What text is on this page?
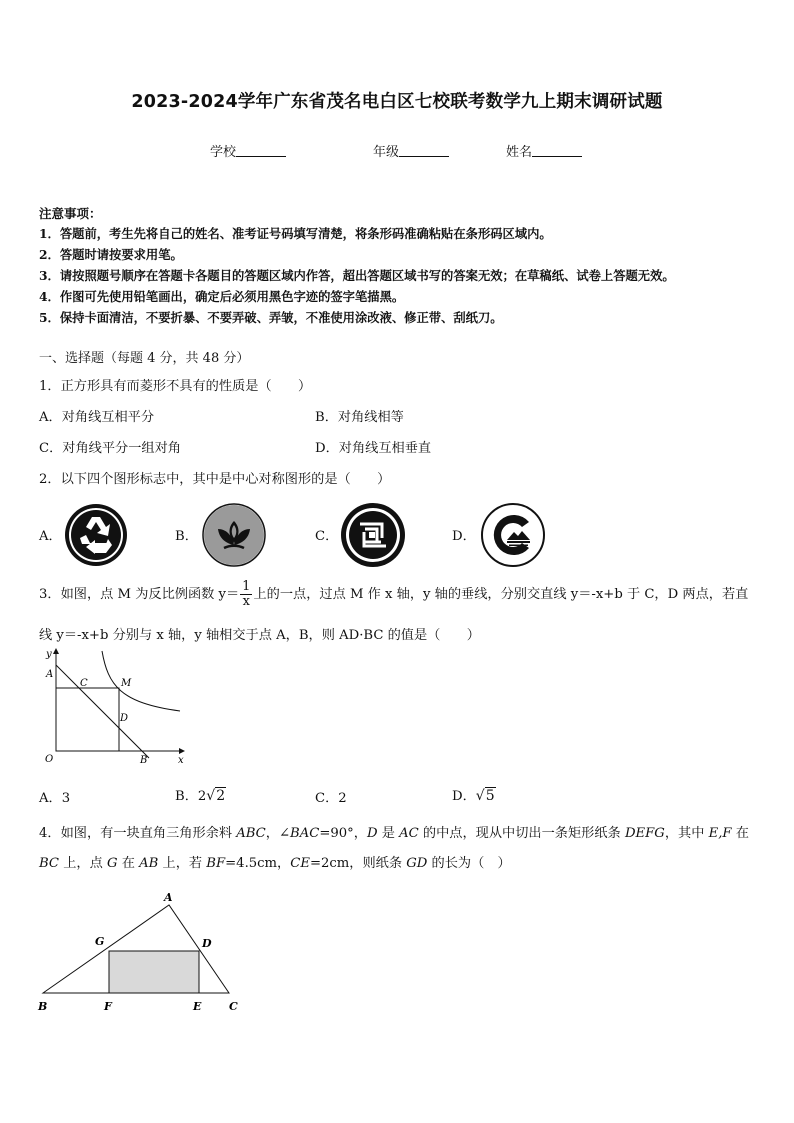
2023-2024学年广东省茂名电白区七校联考数学九上期末调研试题
学校	年级	姓名
注意事项：
1．答题前，考生先将自己的姓名、准考证号码填写清楚，将条形码准确粘贴在条形码区域内。
2．答题时请按要求用笔。
3．请按照题号顺序在答题卡各题目的答题区域内作答，超出答题区域书写的答案无效；在草稿纸、试卷上答题无效。
4．作图可先使用铅笔画出，确定后必须用黑色字迹的签字笔描黑。
5．保持卡面清洁，不要折暴、不要弄破、弄皱，不准使用涂改液、修正带、刮纸刀。
一、选择题（每题 4 分，共 48 分）
1．正方形具有而菱形不具有的性质是（　　）
A．对角线互相平分	B．对角线相等
C．对角线平分一组对角	D．对角线互相垂直
2．以下四个图形标志中，其中是中心对称图形的是（　　）
A．	B．	C．	D．
3．如图，点 M 为反比例函数 $y= \frac{1}{x}$ 上的一点，过点 M 作 x 轴，y 轴的垂线，分别交直线 y＝-x+b 于 C，D 两点，若直
线 y＝-x+b 分别与 x 轴，y 轴相交于点 A，B，则 AD·BC 的值是（　　）
y
x
O
A
B
C
D
M
A．3	B．2√2	C．2	D．√5
4．如图，有一块直角三角形余料 ABC，∠BAC=90°，D 是 AC 的中点，现从中切出一条矩形纸条 DEFG，其中 E,F 在
BC 上，点 G 在 AB 上，若 BF=4.5cm，CE=2cm，则纸条 GD 的长为（　）
A
B	C
D
E
F
G
